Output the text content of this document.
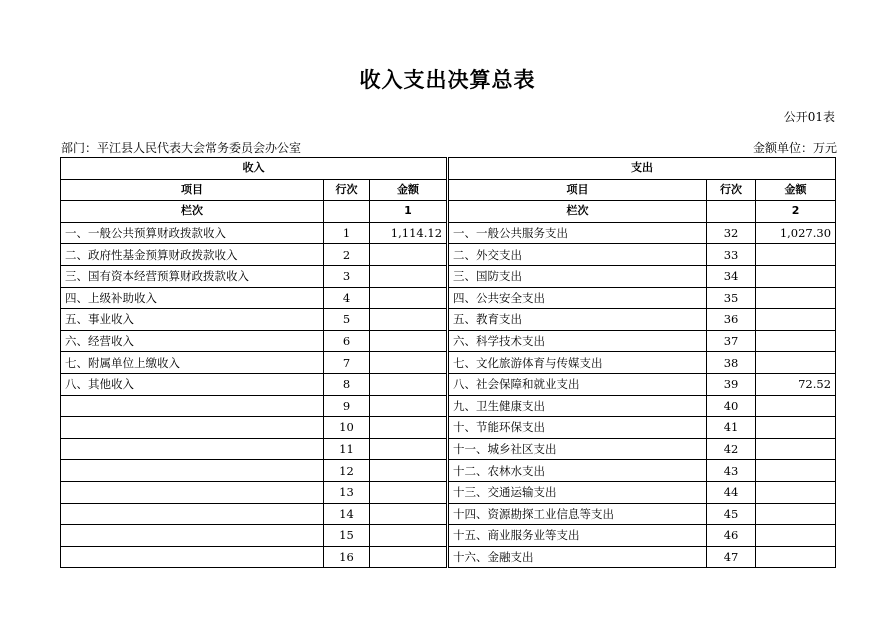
收入支出决算总表
公开01表
部门：平江县人民代表大会常务委员会办公室	金额单位：万元
收入				支出		
项目	行次	金额		项目	行次	金额
栏次		1		栏次		2
一、一般公共预算财政拨款收入	1	1,114.12		一、一般公共服务支出	32	1,027.30
二、政府性基金预算财政拨款收入	2			二、外交支出	33	
三、国有资本经营预算财政拨款收入	3			三、国防支出	34	
四、上级补助收入	4			四、公共安全支出	35	
五、事业收入	5			五、教育支出	36	
六、经营收入	6			六、科学技术支出	37	
七、附属单位上缴收入	7			七、文化旅游体育与传媒支出	38	
八、其他收入	8			八、社会保障和就业支出	39	72.52
	9			九、卫生健康支出	40	
	10			十、节能环保支出	41	
	11			十一、城乡社区支出	42	
	12			十二、农林水支出	43	
	13			十三、交通运输支出	44	
	14			十四、资源勘探工业信息等支出	45	
	15			十五、商业服务业等支出	46	
	16			十六、金融支出	47	
